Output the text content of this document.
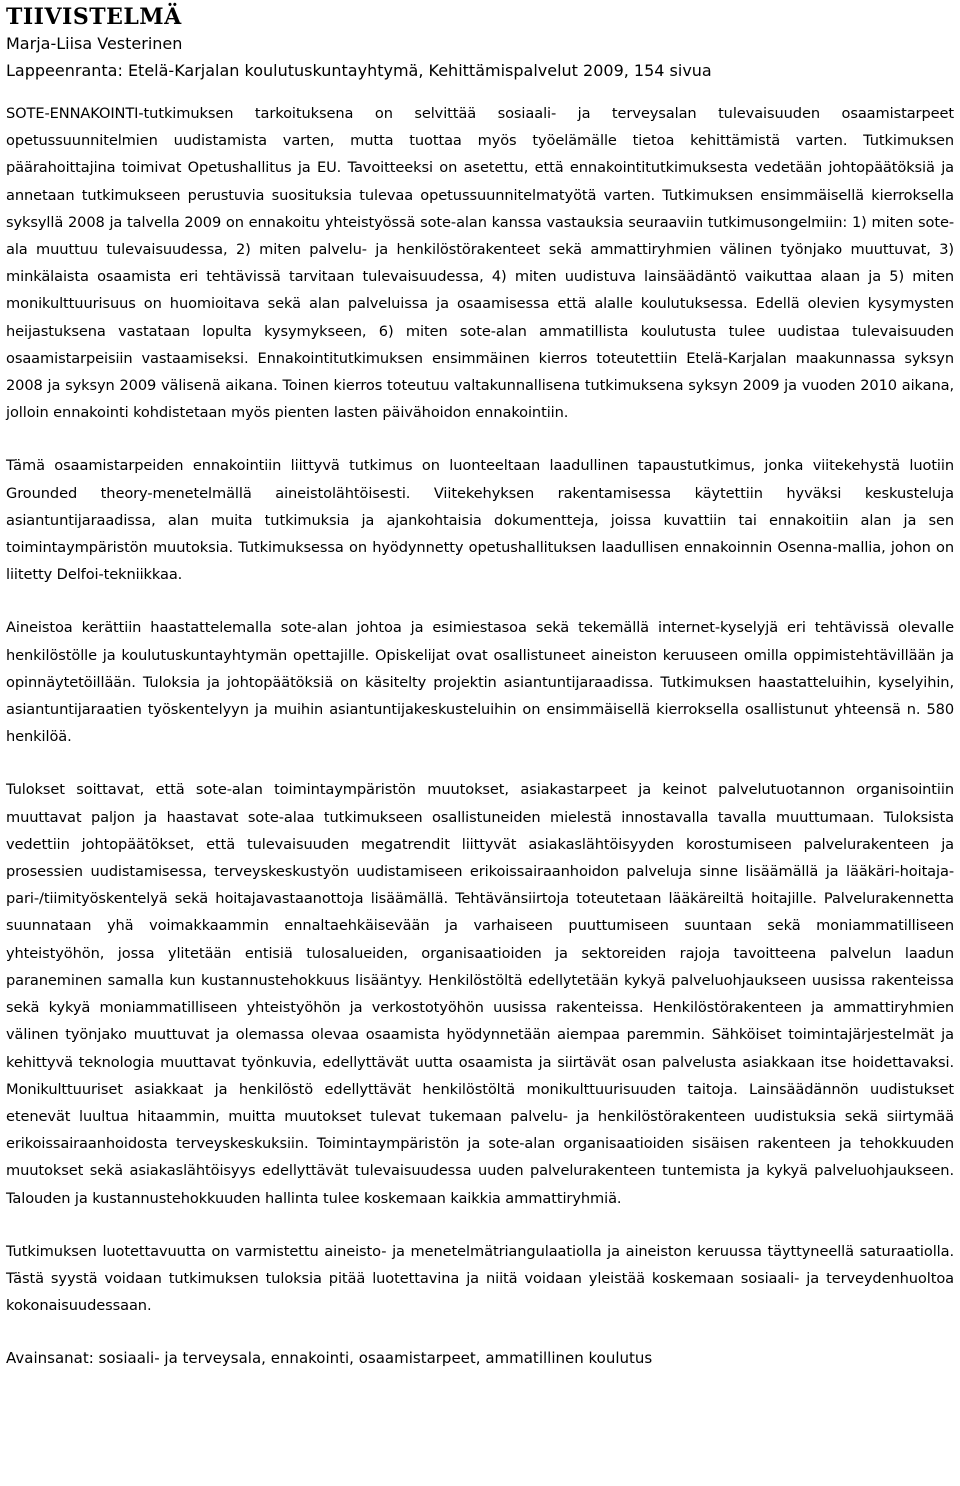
TIIVISTELMÄ

Marja-Liisa Vesterinen

Lappeenranta: Etelä-Karjalan koulutuskuntayhtymä, Kehittämispalvelut 2009, 154 sivua

SOTE-ENNAKOINTI-tutkimuksen tarkoituksena on selvittää sosiaali- ja terveysalan tulevaisuuden osaamistarpeet opetussuunnitelmien uudistamista varten, mutta tuottaa myös työelämälle tietoa kehittämistä varten. Tutkimuksen päärahoittajina toimivat Opetushallitus ja EU. Tavoitteeksi on asetettu, että ennakointitutkimuksesta vedetään johtopäätöksiä ja annetaan tutkimukseen perustuvia suosituksia tulevaa opetussuunnitelmatyötä varten. Tutkimuksen ensimmäisellä kierroksella syksyllä 2008 ja talvella 2009 on ennakoitu yhteistyössä sote-alan kanssa vastauksia seuraaviin tutkimusongelmiin: 1) miten sote-ala muuttuu tulevaisuudessa, 2) miten palvelu- ja henkilöstörakenteet sekä ammattiryhmien välinen työnjako muuttuvat, 3) minkälaista osaamista eri tehtävissä tarvitaan tulevaisuudessa, 4) miten uudistuva lainsäädäntö vaikuttaa alaan ja 5) miten monikulttuurisuus on huomioitava sekä alan palveluissa ja osaamisessa että alalle koulutuksessa. Edellä olevien kysymysten heijastuksena vastataan lopulta kysymykseen, 6) miten sote-alan ammatillista koulutusta tulee uudistaa tulevaisuuden osaamistarpeisiin vastaamiseksi. Ennakointitutkimuksen ensimmäinen kierros toteutettiin Etelä-Karjalan maakunnassa syksyn 2008 ja syksyn 2009 välisenä aikana. Toinen kierros toteutuu valtakunnallisena tutkimuksena syksyn 2009 ja vuoden 2010 aikana, jolloin ennakointi kohdistetaan myös pienten lasten päivähoidon ennakointiin.

Tämä osaamistarpeiden ennakointiin liittyvä tutkimus on luonteeltaan laadullinen tapaustutkimus, jonka viitekehystä luotiin Grounded theory-menetelmällä aineistolähtöisesti. Viitekehyksen rakentamisessa käytettiin hyväksi keskusteluja asiantuntijaraadissa, alan muita tutkimuksia ja ajankohtaisia dokumentteja, joissa kuvattiin tai ennakoitiin alan ja sen toimintaympäristön muutoksia. Tutkimuksessa on hyödynnetty opetushallituksen laadullisen ennakoinnin Osenna-mallia, johon on liitetty Delfoi-tekniikkaa.

Aineistoa kerättiin haastattelemalla sote-alan johtoa ja esimiestasoa sekä tekemällä internet-kyselyjä eri tehtävissä olevalle henkilöstölle ja koulutuskuntayhtymän opettajille. Opiskelijat ovat osallistuneet aineiston keruuseen omilla oppimistehtävillään ja opinnäytetöillään. Tuloksia ja johtopäätöksiä on käsitelty projektin asiantuntijaraadissa. Tutkimuksen haastatteluihin, kyselyihin, asiantuntijaraatien työskentelyyn ja muihin asiantuntijakeskusteluihin on ensimmäisellä kierroksella osallistunut yhteensä n. 580 henkilöä.

Tulokset soittavat, että sote-alan toimintaympäristön muutokset, asiakastarpeet ja keinot palvelutuotannon organisointiin muuttavat paljon ja haastavat sote-alaa tutkimukseen osallistuneiden mielestä innostavalla tavalla muuttumaan. Tuloksista vedettiin johtopäätökset, että tulevaisuuden megatrendit liittyvät asiakaslähtöisyyden korostumiseen palvelurakenteen ja prosessien uudistamisessa, terveyskeskustyön uudistamiseen erikoissairaanhoidon palveluja sinne lisäämällä ja lääkäri-hoitaja-pari-/tiimityöskentelyä sekä hoitajavastaanottoja lisäämällä. Tehtävänsiirtoja toteutetaan lääkäreiltä hoitajille. Palvelurakennetta suunnataan yhä voimakkaammin ennaltaehkäisevään ja varhaiseen puuttumiseen suuntaan sekä moniammatilliseen yhteistyöhön, jossa ylitetään entisiä tulosalueiden, organisaatioiden ja sektoreiden rajoja tavoitteena palvelun laadun paraneminen samalla kun kustannustehokkuus lisääntyy. Henkilöstöltä edellytetään kykyä palveluohjaukseen uusissa rakenteissa sekä kykyä moniammatilliseen yhteistyöhön ja verkostotyöhön uusissa rakenteissa. Henkilöstörakenteen ja ammattiryhmien välinen työnjako muuttuvat ja olemassa olevaa osaamista hyödynnetään aiempaa paremmin. Sähköiset toimintajärjestelmät ja kehittyvä teknologia muuttavat työnkuvia, edellyttävät uutta osaamista ja siirtävät osan palvelusta asiakkaan itse hoidettavaksi. Monikulttuuriset asiakkaat ja henkilöstö edellyttävät henkilöstöltä monikulttuurisuuden taitoja. Lainsäädännön uudistukset etenevät luultua hitaammin, muitta muutokset tulevat tukemaan palvelu- ja henkilöstörakenteen uudistuksia sekä siirtymää erikoissairaanhoidosta terveyskeskuksiin. Toimintaympäristön ja sote-alan organisaatioiden sisäisen rakenteen ja tehokkuuden muutokset sekä asiakaslähtöisyys edellyttävät tulevaisuudessa uuden palvelurakenteen tuntemista ja kykyä palveluohjaukseen. Talouden ja kustannustehokkuuden hallinta tulee koskemaan kaikkia ammattiryhmiä.

Tutkimuksen luotettavuutta on varmistettu aineisto- ja menetelmätriangulaatiolla ja aineiston keruussa täyttyneellä saturaatiolla. Tästä syystä voidaan tutkimuksen tuloksia pitää luotettavina ja niitä voidaan yleistää koskemaan sosiaali- ja terveydenhuoltoa kokonaisuudessaan.

Avainsanat: sosiaali- ja terveysala, ennakointi, osaamistarpeet, ammatillinen koulutus
